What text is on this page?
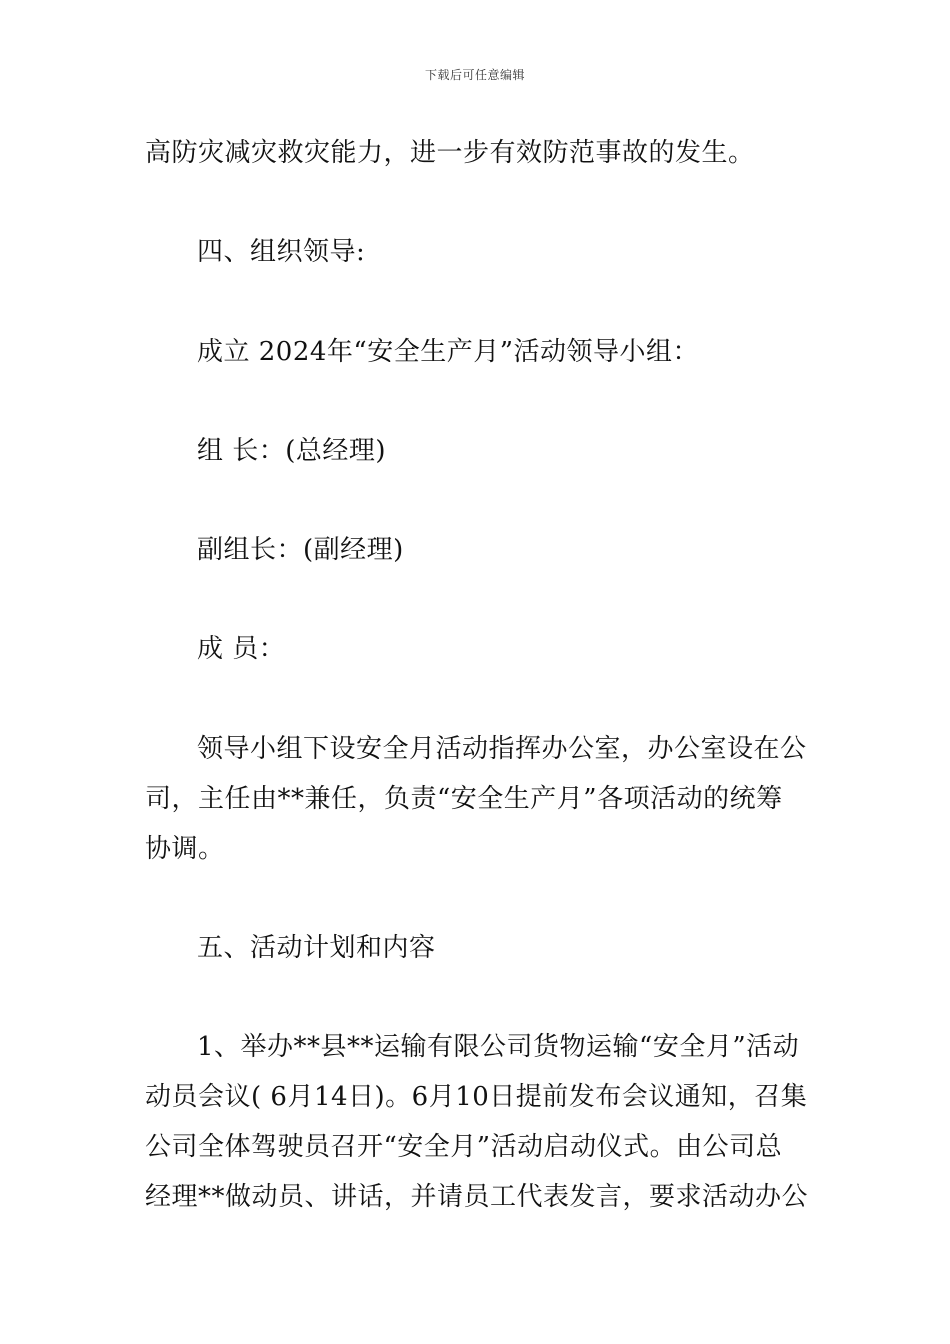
下载后可任意编辑
高防灾减灾救灾能力，进一步有效防范事故的发生。
四、组织领导:
成立 2024年“安全生产月”活动领导小组：
组 长：(总经理)
副组长：(副经理)
成 员：
领导小组下设安全月活动指挥办公室，办公室设在公
司，主任由**兼任，负责“安全生产月”各项活动的统筹
协调。
五、活动计划和内容
1、举办**县**运输有限公司货物运输“安全月”活动
动员会议( 6月14日)。6月10日提前发布会议通知，召集
公司全体驾驶员召开“安全月”活动启动仪式。由公司总
经理**做动员、讲话，并请员工代表发言，要求活动办公
